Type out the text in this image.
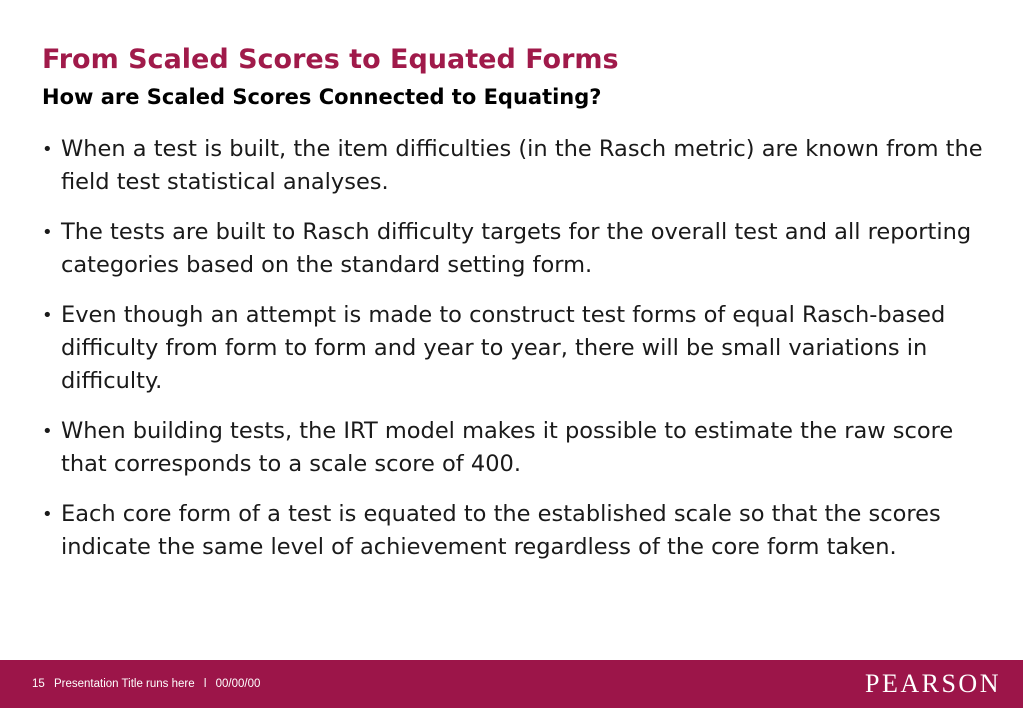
From Scaled Scores to Equated Forms
How are Scaled Scores Connected to Equating?
• When a test is built, the item difficulties (in the Rasch metric) are known from the field test statistical analyses.
• The tests are built to Rasch difficulty targets for the overall test and all reporting categories based on the standard setting form.
• Even though an attempt is made to construct test forms of equal Rasch-based difficulty from form to form and year to year, there will be small variations in difficulty.
• When building tests, the IRT model makes it possible to estimate the raw score that corresponds to a scale score of 400.
• Each core form of a test is equated to the established scale so that the scores indicate the same level of achievement regardless of the core form taken.
15 Presentation Title runs here l 00/00/00	PEARSON
